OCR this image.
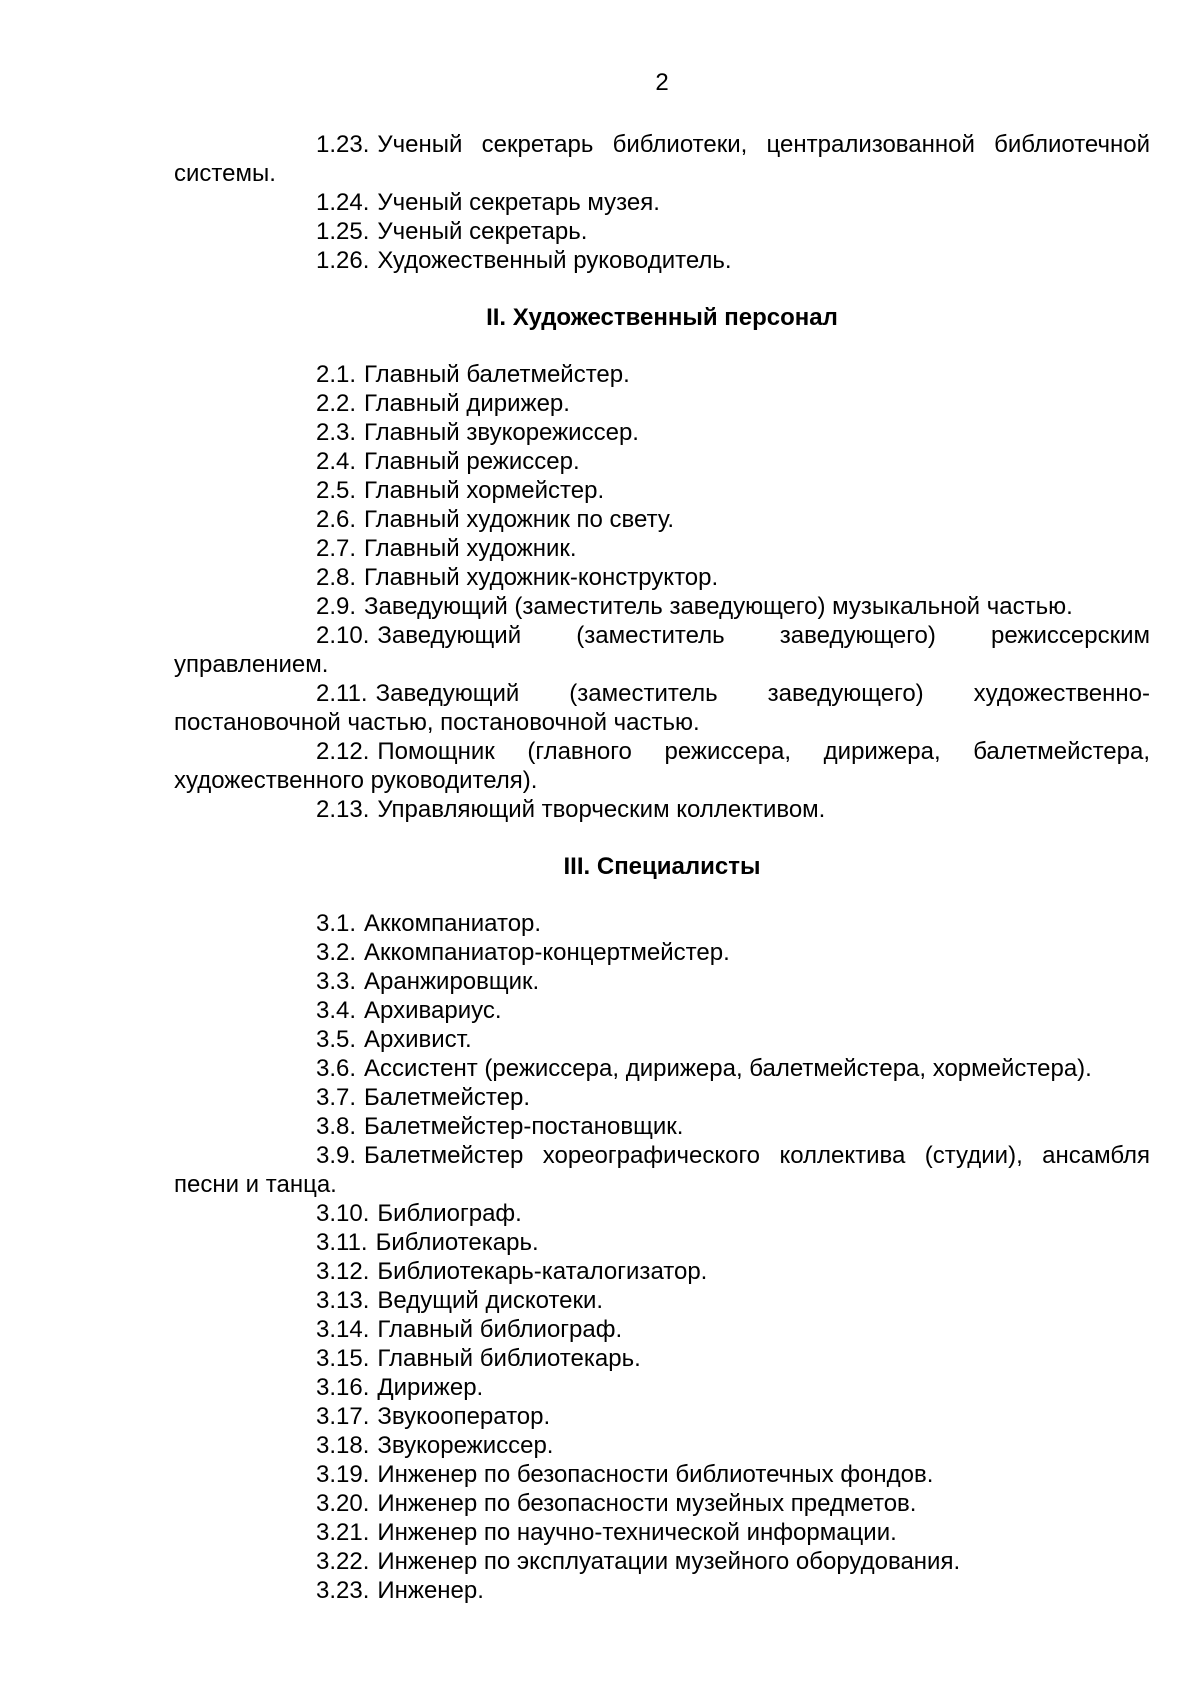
2

1.23. Ученый секретарь библиотеки, централизованной библиотечной системы.

1.24. Ученый секретарь музея.

1.25. Ученый секретарь.

1.26. Художественный руководитель.

II. Художественный персонал

2.1. Главный балетмейстер.

2.2. Главный дирижер.

2.3. Главный звукорежиссер.

2.4. Главный режиссер.

2.5. Главный хормейстер.

2.6. Главный художник по свету.

2.7. Главный художник.

2.8. Главный художник-конструктор.

2.9. Заведующий (заместитель заведующего) музыкальной частью.

2.10. Заведующий (заместитель заведующего) режиссерским управлением.

2.11. Заведующий (заместитель заведующего) художественно-постановочной частью, постановочной частью.

2.12. Помощник (главного режиссера, дирижера, балетмейстера, художественного руководителя).

2.13. Управляющий творческим коллективом.

III. Специалисты

3.1. Аккомпаниатор.

3.2. Аккомпаниатор-концертмейстер.

3.3. Аранжировщик.

3.4. Архивариус.

3.5. Архивист.

3.6. Ассистент (режиссера, дирижера, балетмейстера, хормейстера).

3.7. Балетмейстер.

3.8. Балетмейстер-постановщик.

3.9. Балетмейстер хореографического коллектива (студии), ансамбля песни и танца.

3.10. Библиограф.

3.11. Библиотекарь.

3.12. Библиотекарь-каталогизатор.

3.13. Ведущий дискотеки.

3.14. Главный библиограф.

3.15. Главный библиотекарь.

3.16. Дирижер.

3.17. Звукооператор.

3.18. Звукорежиссер.

3.19. Инженер по безопасности библиотечных фондов.

3.20. Инженер по безопасности музейных предметов.

3.21. Инженер по научно-технической информации.

3.22. Инженер по эксплуатации музейного оборудования.

3.23. Инженер.
